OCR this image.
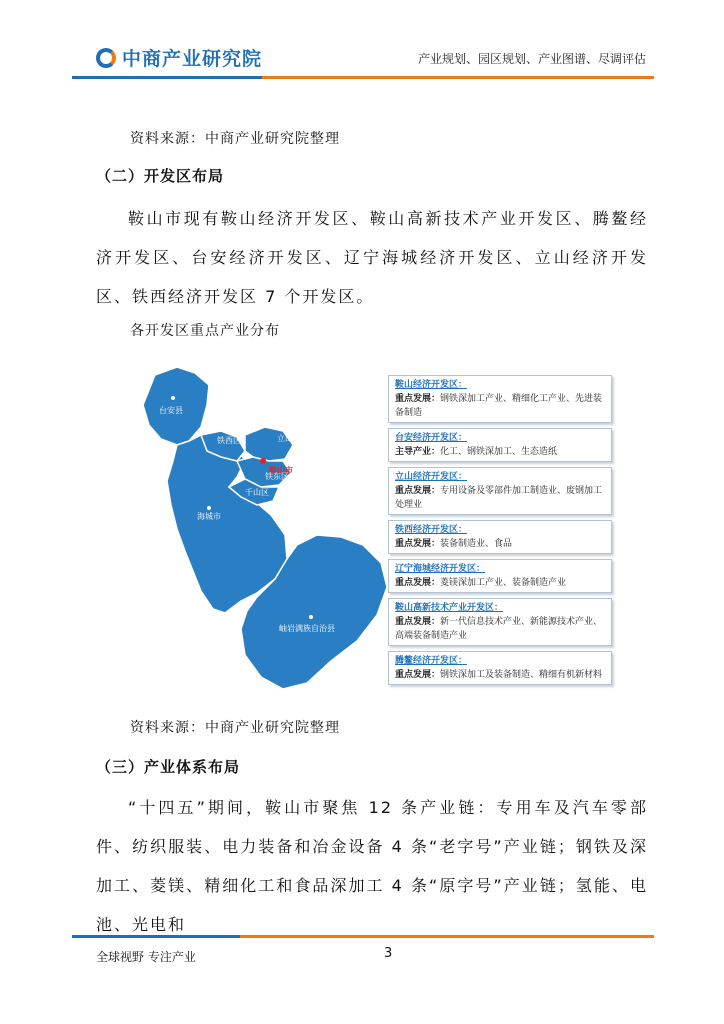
中商产业研究院	产业规划、园区规划、产业图谱、尽调评估
资料来源：中商产业研究院整理
（二）开发区布局
鞍山市现有鞍山经济开发区、鞍山高新技术产业开发区、腾鳌经济开发区、台安经济开发区、辽宁海城经济开发区、立山经济开发区、铁西经济开发区 7 个开发区。
各开发区重点产业分布
台安县
铁西区	立山区
鞍山市
铁东区
千山区
海城市
岫岩满族自治县
鞍山经济开发区：
重点发展：钢铁深加工产业、精细化工产业、先进装备制造
台安经济开发区：
主导产业：化工、钢铁深加工、生态造纸
立山经济开发区：
重点发展：专用设备及零部件加工制造业、废钢加工处理业
铁西经济开发区：
重点发展：装备制造业、食品
辽宁海城经济开发区：
重点发展：菱镁深加工产业、装备制造产业
鞍山高新技术产业开发区：
重点发展：新一代信息技术产业、新能源技术产业、高端装备制造产业
腾鳌经济开发区：
重点发展：钢铁深加工及装备制造、精细有机新材料
资料来源：中商产业研究院整理
（三）产业体系布局
“十四五”期间，鞍山市聚焦 12 条产业链：专用车及汽车零部件、纺织服装、电力装备和冶金设备 4 条“老字号”产业链；钢铁及深加工、菱镁、精细化工和食品深加工 4 条“原字号”产业链；氢能、电池、光电和
全球视野 专注产业	3
